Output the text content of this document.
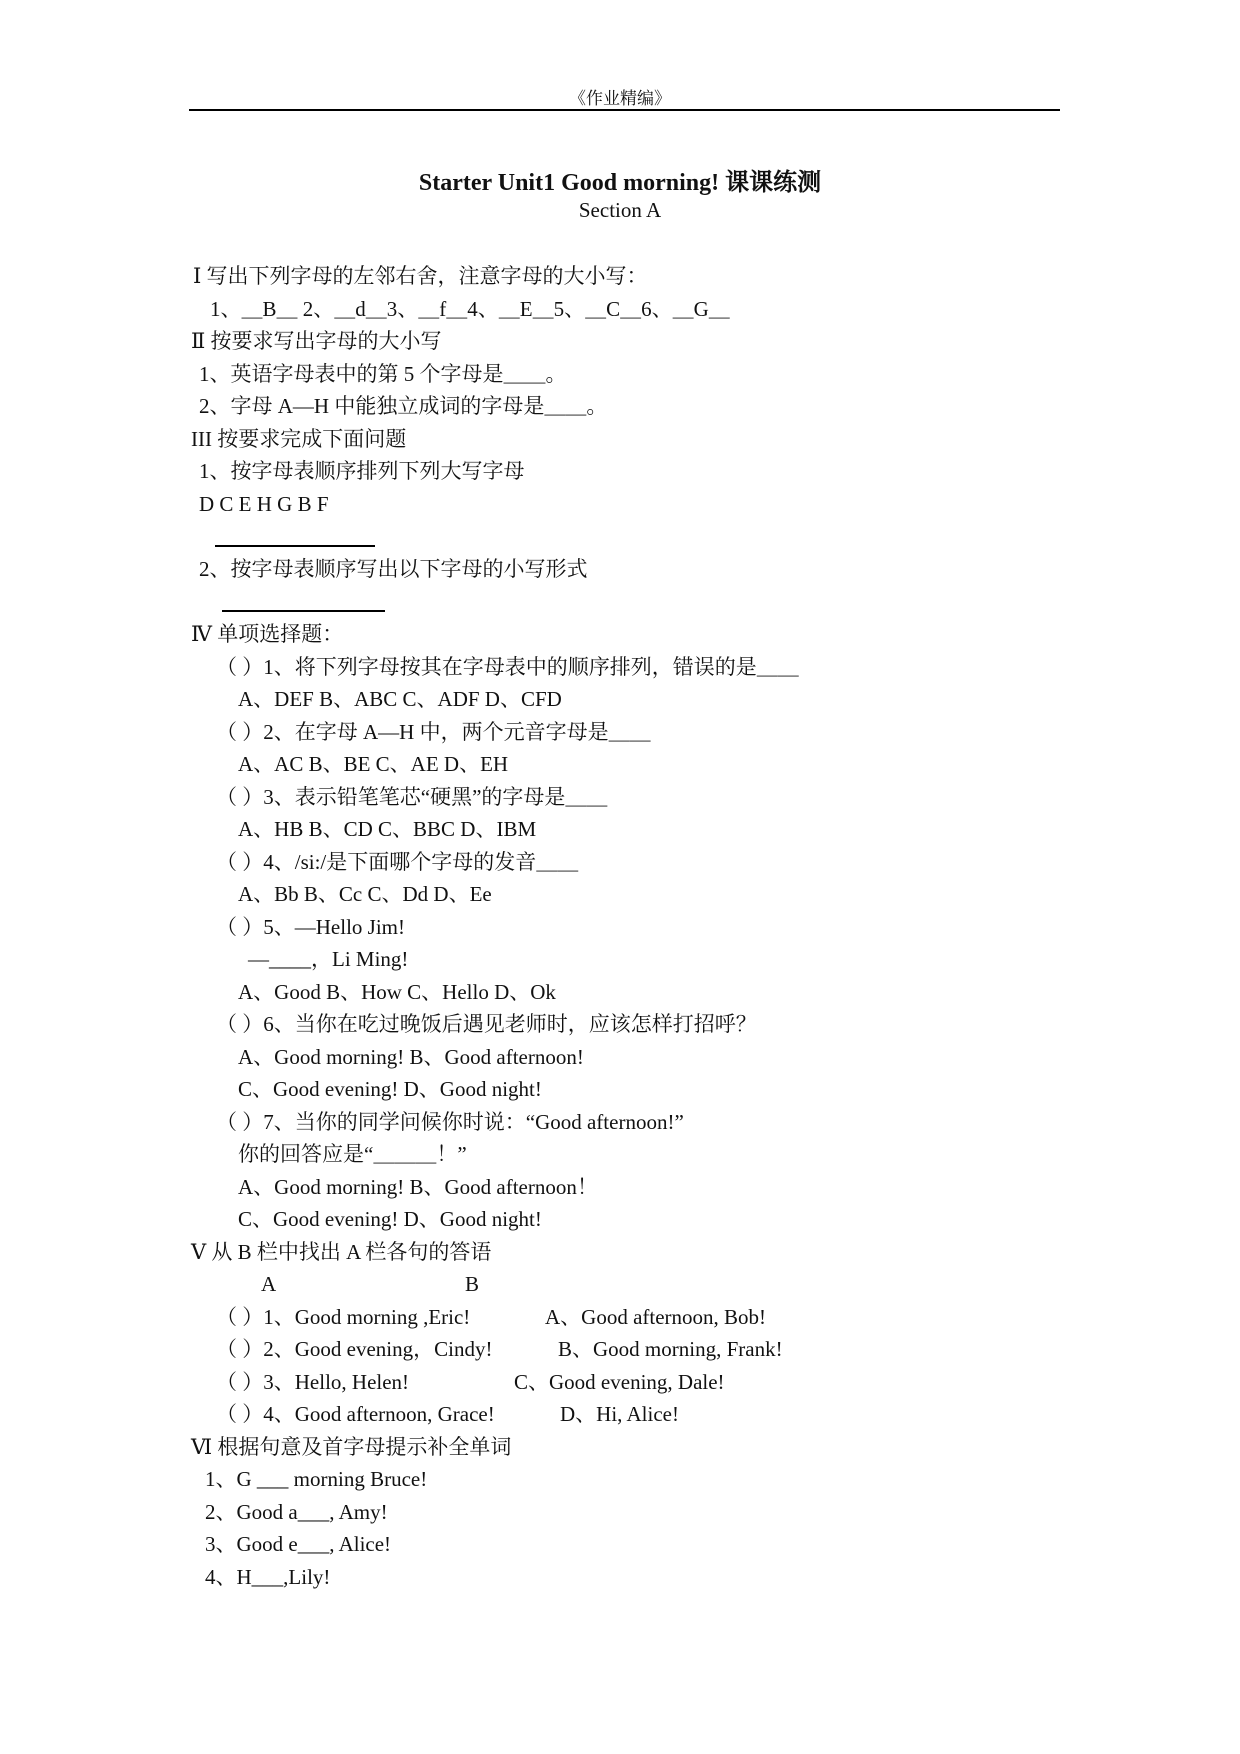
《作业精编》
Starter Unit1 Good morning! 课课练测
Section A
Ⅰ 写出下列字母的左邻右舍，注意字母的大小写：
1、＿B＿ 2、＿d＿3、＿f＿4、＿E＿5、＿C＿6、＿G＿
Ⅱ 按要求写出字母的大小写
1、英语字母表中的第 5 个字母是＿＿。
2、字母 A—H 中能独立成词的字母是＿＿。
III 按要求完成下面问题
1、按字母表顺序排列下列大写字母
D C E H G B F
2、按字母表顺序写出以下字母的小写形式
Ⅳ 单项选择题：
（ ）1、将下列字母按其在字母表中的顺序排列，错误的是＿＿
A、DEF B、ABC C、ADF D、CFD
（ ）2、在字母 A—H 中，两个元音字母是＿＿
A、AC B、BE C、AE D、EH
（ ）3、表示铅笔笔芯“硬黑”的字母是＿＿
A、HB B、CD C、BBC D、IBM
（ ）4、/si:/是下面哪个字母的发音＿＿
A、Bb B、Cc C、Dd D、Ee
（ ）5、—Hello Jim!
—____，Li Ming!
A、Good B、How C、Hello D、Ok
（ ）6、当你在吃过晚饭后遇见老师时，应该怎样打招呼？
A、Good morning! B、Good afternoon!
C、Good evening! D、Good night!
（ ）7、当你的同学问候你时说：“Good afternoon!”
你的回答应是“＿＿＿！”
A、Good morning! B、Good afternoon！
C、Good evening! D、Good night!
Ⅴ 从 B 栏中找出 A 栏各句的答语
A	B
（ ）1、Good morning ,Eric!	A、Good afternoon, Bob!
（ ）2、Good evening，Cindy!	B、Good morning, Frank!
（ ）3、Hello, Helen!	C、Good evening, Dale!
（ ）4、Good afternoon, Grace!	D、Hi, Alice!
Ⅵ 根据句意及首字母提示补全单词
1、G ___ morning Bruce!
2、Good a___, Amy!
3、Good e___, Alice!
4、H___,Lily!
